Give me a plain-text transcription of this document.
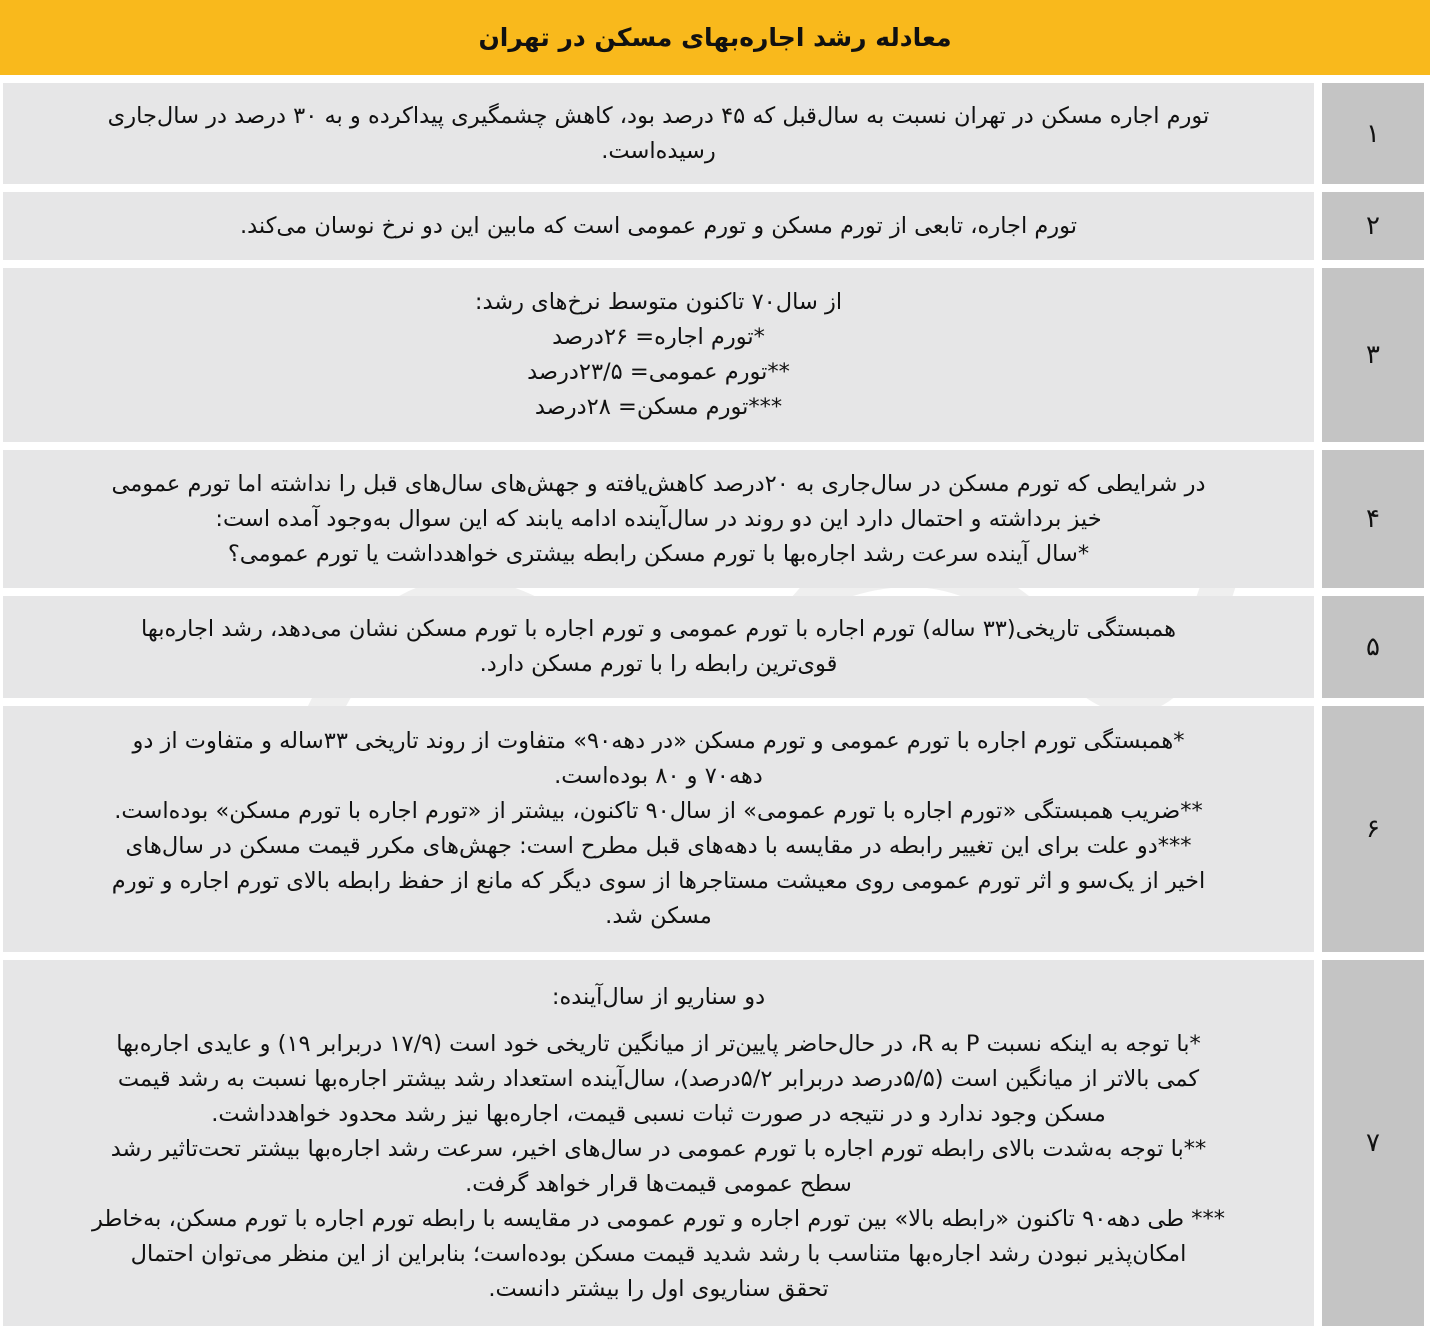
معادله رشد اجاره‌بهای مسکن در تهران
۱
تورم اجاره مسکن در تهران نسبت به سال‌قبل که ۴۵ درصد بود، کاهش چشمگیری پیداکرده و به ۳۰ درصد در سال‌جاری
رسیده‌است.
۲
تورم اجاره، تابعی از تورم مسکن و تورم عمومی است که مابین این دو نرخ نوسان می‌کند.
۳
از سال۷۰ تاکنون متوسط نرخ‌های رشد:
*تورم اجاره= ۲۶درصد
**تورم عمومی= ۲۳/۵درصد
***تورم مسکن= ۲۸درصد
۴
در شرایطی که تورم مسکن در سال‌جاری به ۲۰درصد کاهش‌یافته و جهش‌های سال‌های قبل را نداشته اما تورم عمومی
خیز برداشته و احتمال دارد این دو روند در سال‌آینده ادامه یابند که این سوال به‌وجود آمده است:
*سال آینده سرعت رشد اجاره‌بها با تورم مسکن رابطه بیشتری خواهدداشت یا تورم عمومی؟
۵
همبستگی تاریخی(۳۳ ساله) تورم اجاره با تورم عمومی و تورم اجاره با تورم مسکن نشان می‌دهد، رشد اجاره‌بها
قوی‌ترین رابطه را با تورم مسکن دارد.
۶
*همبستگی تورم اجاره با تورم عمومی و تورم مسکن «در دهه۹۰» متفاوت از روند تاریخی ۳۳ساله و متفاوت از دو
دهه۷۰ و ۸۰ بوده‌است.
**ضریب همبستگی «تورم اجاره با تورم عمومی» از سال۹۰ تاکنون، بیشتر از «تورم اجاره با تورم مسکن» بوده‌است.
***دو علت برای این تغییر رابطه در مقایسه با دهه‌های قبل مطرح است: جهش‌های مکرر قیمت مسکن در سال‌های
اخیر از یک‌سو و اثر تورم عمومی روی معیشت مستاجرها از سوی دیگر که مانع از حفظ رابطه بالای تورم اجاره و تورم
مسکن شد.
۷
دو سناریو از سال‌آینده:
*با توجه به اینکه نسبت P به R، در حال‌حاضر پایین‌تر از میانگین تاریخی خود است (۱۷/۹ دربرابر ۱۹) و عایدی اجاره‌بها
کمی بالاتر از میانگین است (۵/۵درصد دربرابر ۵/۲درصد)، سال‌آینده استعداد رشد بیشتر اجاره‌بها نسبت به رشد قیمت
مسکن وجود ندارد و در نتیجه در صورت ثبات نسبی قیمت، اجاره‌بها نیز رشد محدود خواهدداشت.
**با توجه به‌شدت بالای رابطه تورم اجاره با تورم عمومی در سال‌های اخیر، سرعت رشد اجاره‌بها بیشتر تحت‌تاثیر رشد
سطح عمومی قیمت‌ها قرار خواهد گرفت.
*** طی دهه۹۰ تاکنون «رابطه بالا» بین تورم اجاره و تورم عمومی در مقایسه با رابطه تورم اجاره با تورم مسکن، به‌خاطر
امکان‌پذیر نبودن رشد اجاره‌بها متناسب با رشد شدید قیمت مسکن بوده‌است؛ بنابراین از این منظر می‌توان احتمال
تحقق سناریوی اول را بیشتر دانست.
